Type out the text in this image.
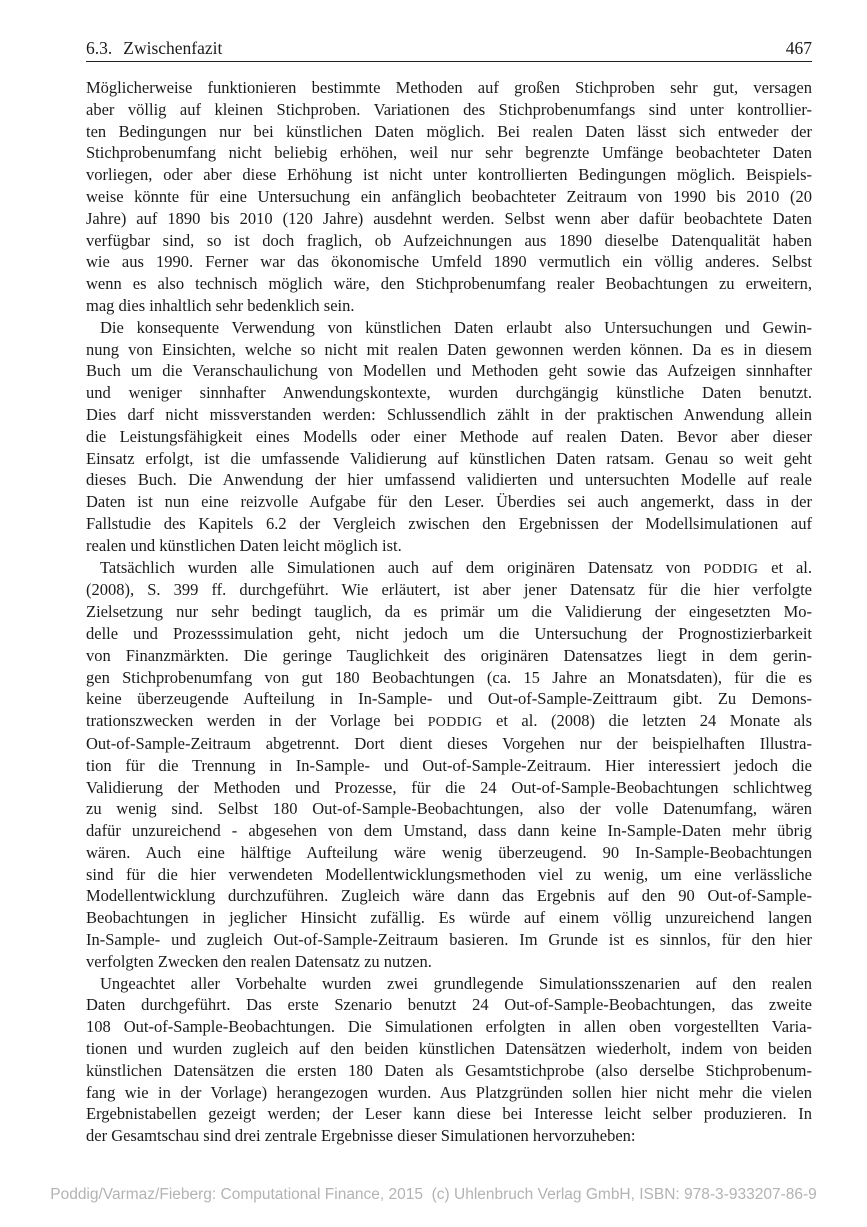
6.3. Zwischenfazit	467
Möglicherweise funktionieren bestimmte Methoden auf großen Stichproben sehr gut, versagen
aber völlig auf kleinen Stichproben. Variationen des Stichprobenumfangs sind unter kontrollier-
ten Bedingungen nur bei künstlichen Daten möglich. Bei realen Daten lässt sich entweder der
Stichprobenumfang nicht beliebig erhöhen, weil nur sehr begrenzte Umfänge beobachteter Daten
vorliegen, oder aber diese Erhöhung ist nicht unter kontrollierten Bedingungen möglich. Beispiels-
weise könnte für eine Untersuchung ein anfänglich beobachteter Zeitraum von 1990 bis 2010 (20
Jahre) auf 1890 bis 2010 (120 Jahre) ausdehnt werden. Selbst wenn aber dafür beobachtete Daten
verfügbar sind, so ist doch fraglich, ob Aufzeichnungen aus 1890 dieselbe Datenqualität haben
wie aus 1990. Ferner war das ökonomische Umfeld 1890 vermutlich ein völlig anderes. Selbst
wenn es also technisch möglich wäre, den Stichprobenumfang realer Beobachtungen zu erweitern,
mag dies inhaltlich sehr bedenklich sein.
Die konsequente Verwendung von künstlichen Daten erlaubt also Untersuchungen und Gewin-
nung von Einsichten, welche so nicht mit realen Daten gewonnen werden können. Da es in diesem
Buch um die Veranschaulichung von Modellen und Methoden geht sowie das Aufzeigen sinnhafter
und weniger sinnhafter Anwendungskontexte, wurden durchgängig künstliche Daten benutzt.
Dies darf nicht missverstanden werden: Schlussendlich zählt in der praktischen Anwendung allein
die Leistungsfähigkeit eines Modells oder einer Methode auf realen Daten. Bevor aber dieser
Einsatz erfolgt, ist die umfassende Validierung auf künstlichen Daten ratsam. Genau so weit geht
dieses Buch. Die Anwendung der hier umfassend validierten und untersuchten Modelle auf reale
Daten ist nun eine reizvolle Aufgabe für den Leser. Überdies sei auch angemerkt, dass in der
Fallstudie des Kapitels 6.2 der Vergleich zwischen den Ergebnissen der Modellsimulationen auf
realen und künstlichen Daten leicht möglich ist.
Tatsächlich wurden alle Simulationen auch auf dem originären Datensatz von PODDIG et al.
(2008), S. 399 ff. durchgeführt. Wie erläutert, ist aber jener Datensatz für die hier verfolgte
Zielsetzung nur sehr bedingt tauglich, da es primär um die Validierung der eingesetzten Mo-
delle und Prozesssimulation geht, nicht jedoch um die Untersuchung der Prognostizierbarkeit
von Finanzmärkten. Die geringe Tauglichkeit des originären Datensatzes liegt in dem gerin-
gen Stichprobenumfang von gut 180 Beobachtungen (ca. 15 Jahre an Monatsdaten), für die es
keine überzeugende Aufteilung in In-Sample- und Out-of-Sample-Zeittraum gibt. Zu Demons-
trationszwecken werden in der Vorlage bei PODDIG et al. (2008) die letzten 24 Monate als
Out-of-Sample-Zeitraum abgetrennt. Dort dient dieses Vorgehen nur der beispielhaften Illustra-
tion für die Trennung in In-Sample- und Out-of-Sample-Zeitraum. Hier interessiert jedoch die
Validierung der Methoden und Prozesse, für die 24 Out-of-Sample-Beobachtungen schlichtweg
zu wenig sind. Selbst 180 Out-of-Sample-Beobachtungen, also der volle Datenumfang, wären
dafür unzureichend - abgesehen von dem Umstand, dass dann keine In-Sample-Daten mehr übrig
wären. Auch eine hälftige Aufteilung wäre wenig überzeugend. 90 In-Sample-Beobachtungen
sind für die hier verwendeten Modellentwicklungsmethoden viel zu wenig, um eine verlässliche
Modellentwicklung durchzuführen. Zugleich wäre dann das Ergebnis auf den 90 Out-of-Sample-
Beobachtungen in jeglicher Hinsicht zufällig. Es würde auf einem völlig unzureichend langen
In-Sample- und zugleich Out-of-Sample-Zeitraum basieren. Im Grunde ist es sinnlos, für den hier
verfolgten Zwecken den realen Datensatz zu nutzen.
Ungeachtet aller Vorbehalte wurden zwei grundlegende Simulationsszenarien auf den realen
Daten durchgeführt. Das erste Szenario benutzt 24 Out-of-Sample-Beobachtungen, das zweite
108 Out-of-Sample-Beobachtungen. Die Simulationen erfolgten in allen oben vorgestellten Varia-
tionen und wurden zugleich auf den beiden künstlichen Datensätzen wiederholt, indem von beiden
künstlichen Datensätzen die ersten 180 Daten als Gesamtstichprobe (also derselbe Stichprobenum-
fang wie in der Vorlage) herangezogen wurden. Aus Platzgründen sollen hier nicht mehr die vielen
Ergebnistabellen gezeigt werden; der Leser kann diese bei Interesse leicht selber produzieren. In
der Gesamtschau sind drei zentrale Ergebnisse dieser Simulationen hervorzuheben:
Poddig/Varmaz/Fieberg: Computational Finance, 2015  (c) Uhlenbruch Verlag GmbH, ISBN: 978-3-933207-86-9
